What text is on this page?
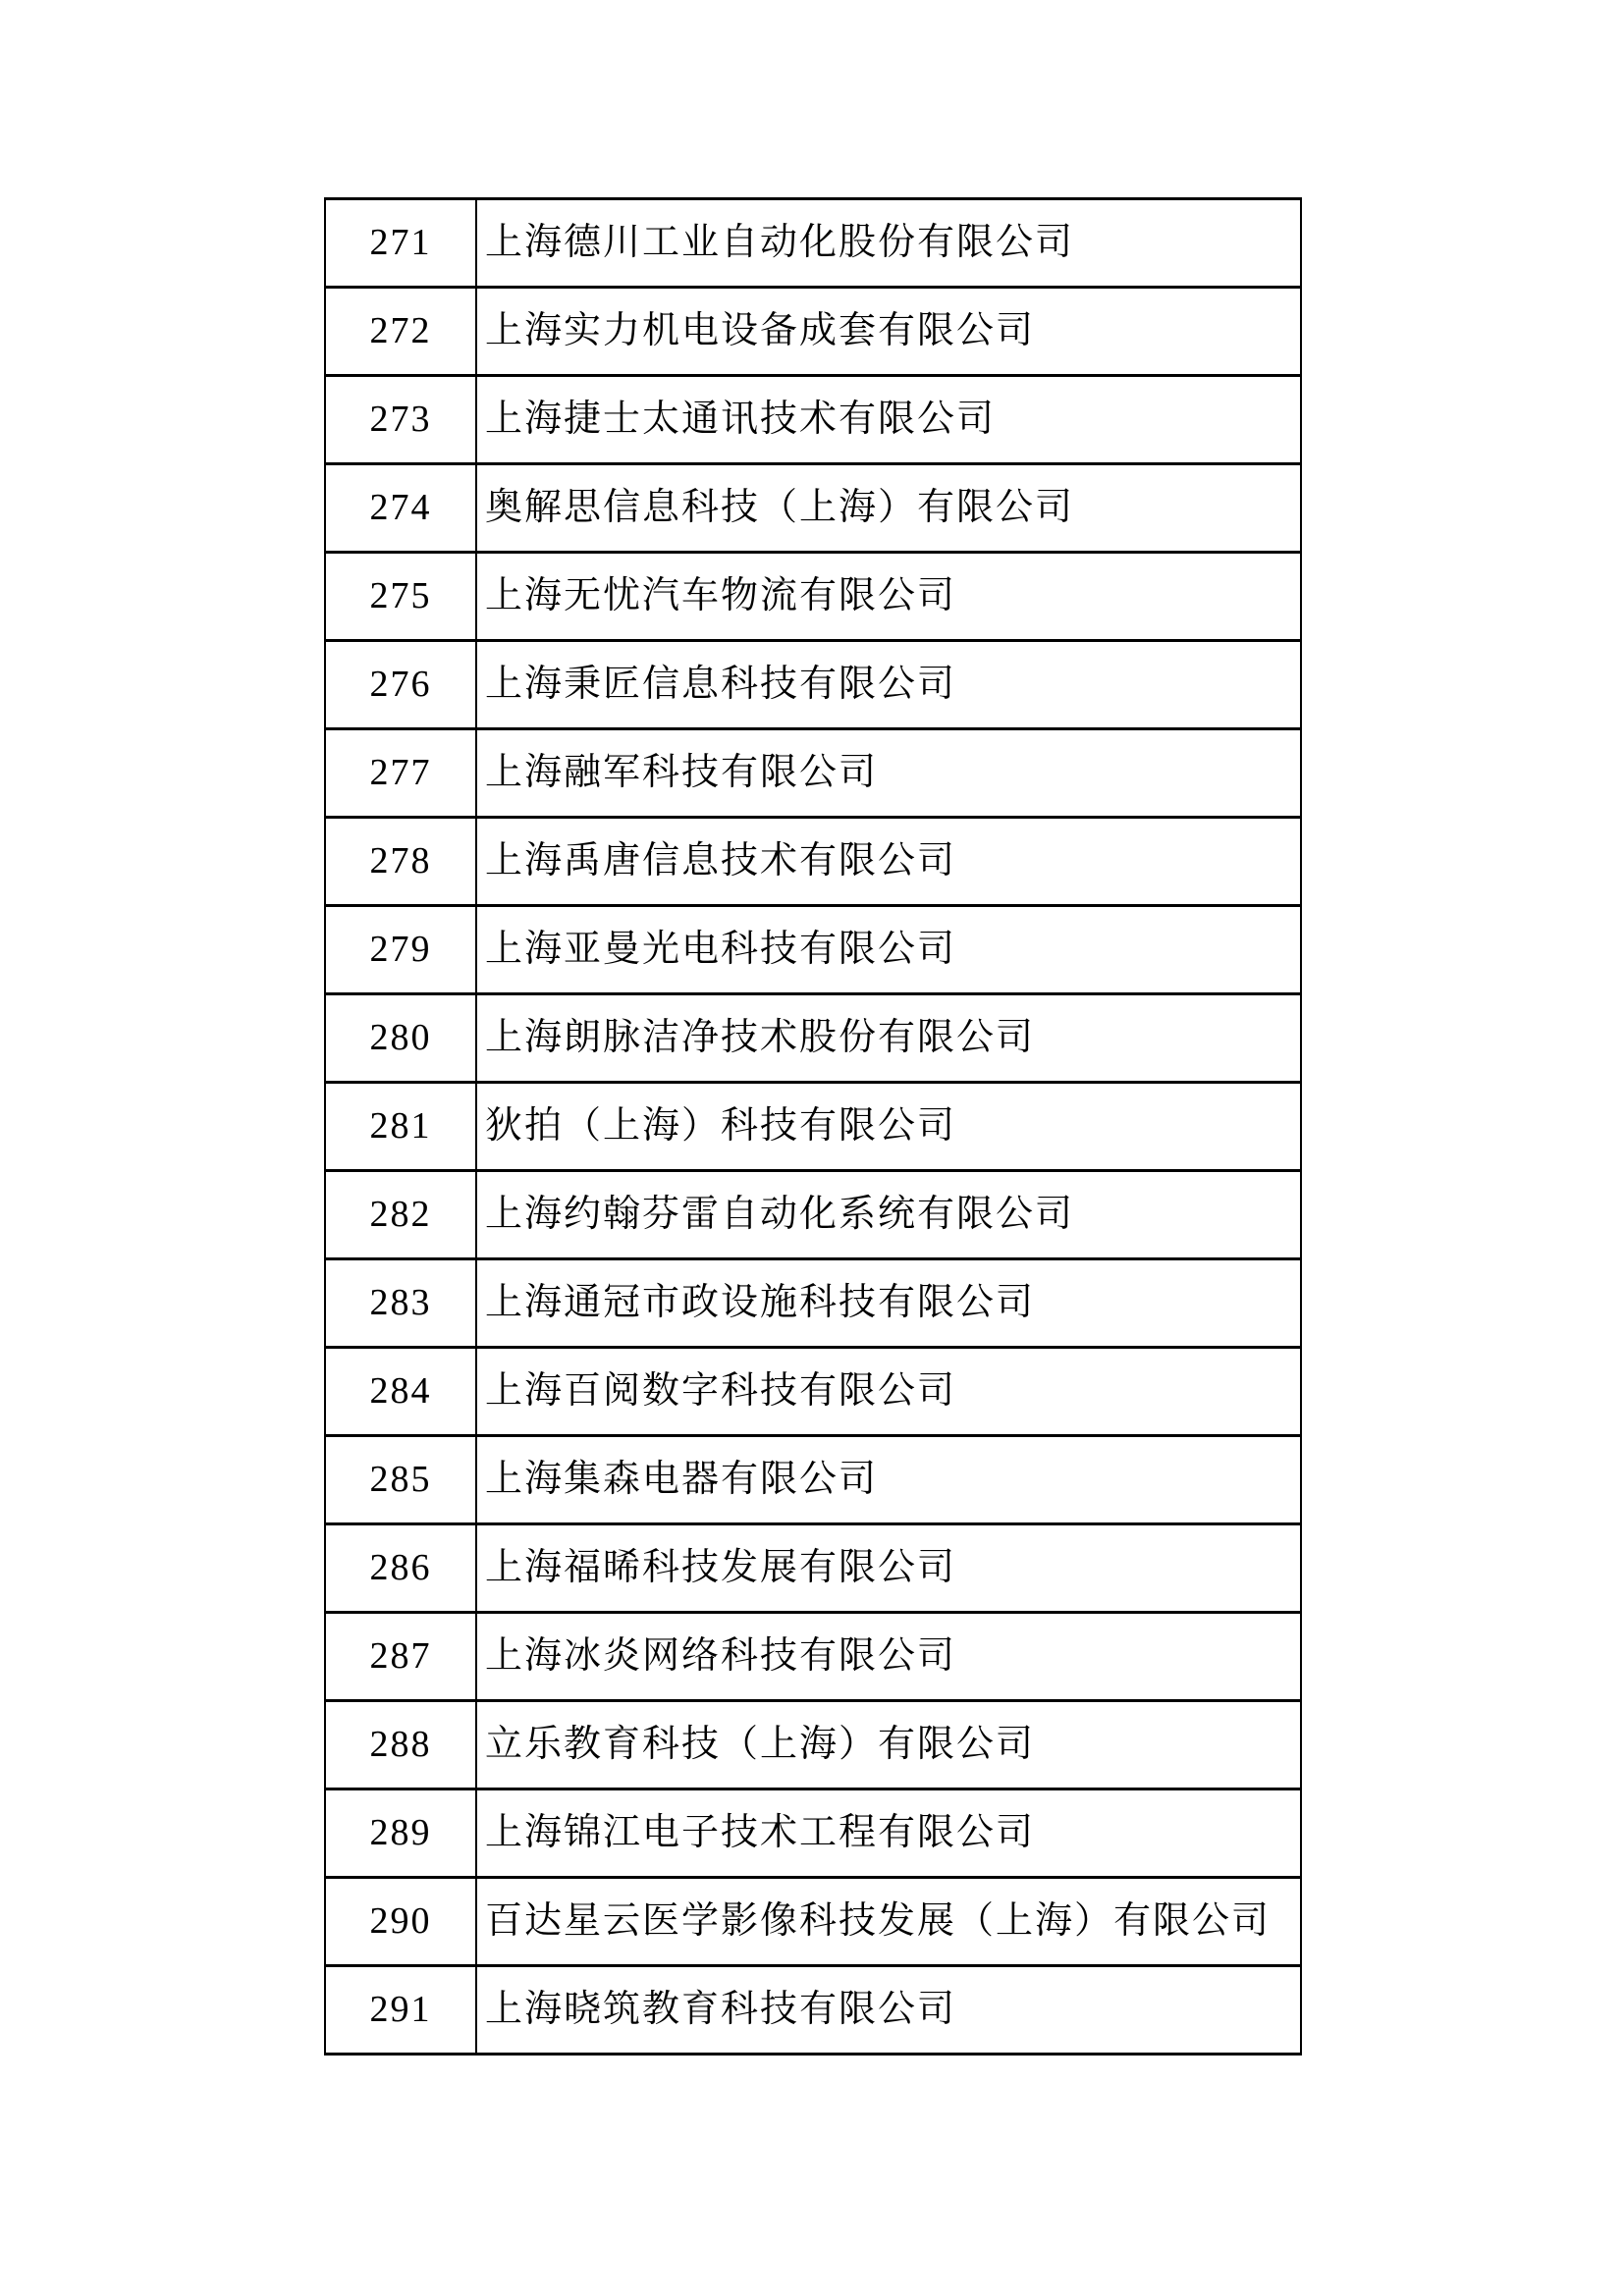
271	上海德川工业自动化股份有限公司
272	上海实力机电设备成套有限公司
273	上海捷士太通讯技术有限公司
274	奥解思信息科技（上海）有限公司
275	上海无忧汽车物流有限公司
276	上海秉匠信息科技有限公司
277	上海融军科技有限公司
278	上海禹唐信息技术有限公司
279	上海亚曼光电科技有限公司
280	上海朗脉洁净技术股份有限公司
281	狄拍（上海）科技有限公司
282	上海约翰芬雷自动化系统有限公司
283	上海通冠市政设施科技有限公司
284	上海百阅数字科技有限公司
285	上海集森电器有限公司
286	上海福晞科技发展有限公司
287	上海冰炎网络科技有限公司
288	立乐教育科技（上海）有限公司
289	上海锦江电子技术工程有限公司
290	百达星云医学影像科技发展（上海）有限公司
291	上海晓筑教育科技有限公司
